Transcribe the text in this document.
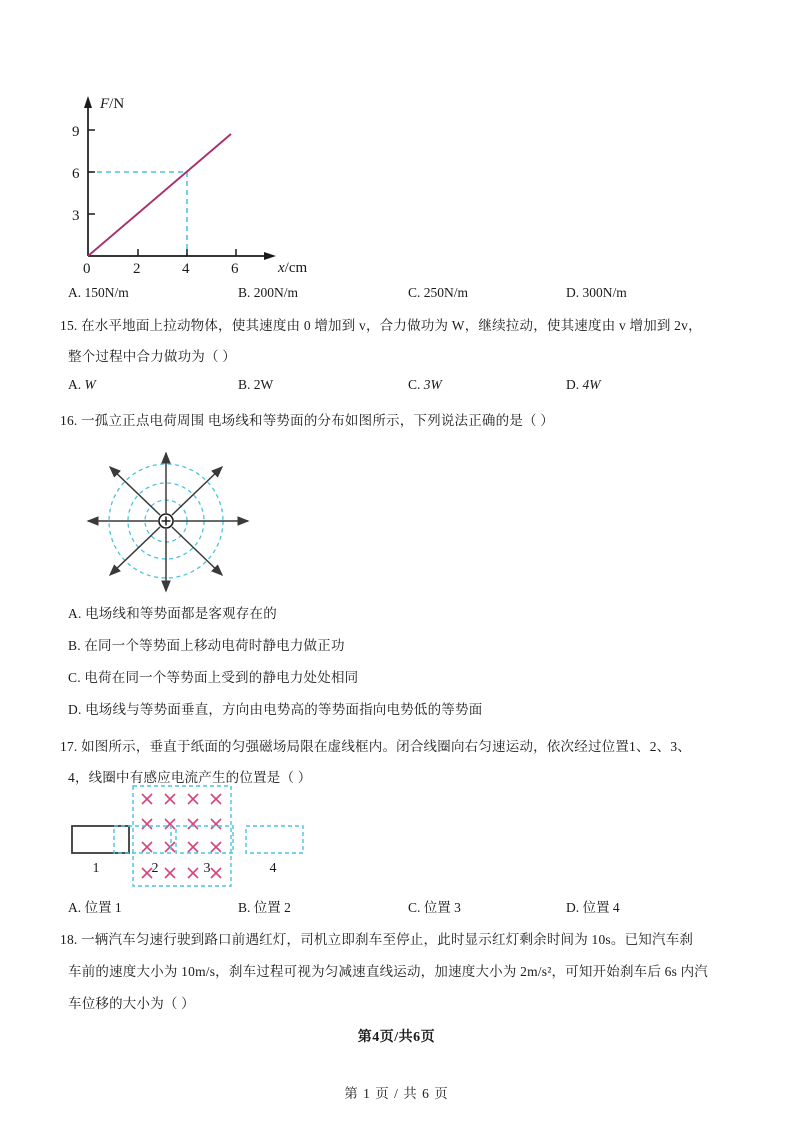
F/N
x/cm
3
6
9
0	2	4	6
A. 150N/m	B. 200N/m	C. 250N/m	D. 300N/m
15. 在水平地面上拉动物体，使其速度由 0 增加到 v，合力做功为 W，继续拉动，使其速度由 v 增加到 2v，
整个过程中合力做功为（ ）
A. W	B. 2W	C. 3W	D. 4W
16. 一孤立正点电荷周围 电场线和等势面的分布如图所示，下列说法正确的是（ ）
A. 电场线和等势面都是客观存在的
B. 在同一个等势面上移动电荷时静电力做正功
C. 电荷在同一个等势面上受到的静电力处处相同
D. 电场线与等势面垂直，方向由电势高的等势面指向电势低的等势面
17. 如图所示，垂直于纸面的匀强磁场局限在虚线框内。闭合线圈向右匀速运动，依次经过位置1、2、3、
4，线圈中有感应电流产生的位置是（ ）
1	2	3	4
A. 位置 1	B. 位置 2	C. 位置 3	D. 位置 4
18. 一辆汽车匀速行驶到路口前遇红灯，司机立即刹车至停止，此时显示红灯剩余时间为 10s。已知汽车刹
车前的速度大小为 10m/s，刹车过程可视为匀减速直线运动，加速度大小为 2m/s²，可知开始刹车后 6s 内汽
车位移的大小为（ ）
第4页/共6页
第 1 页 / 共 6 页
